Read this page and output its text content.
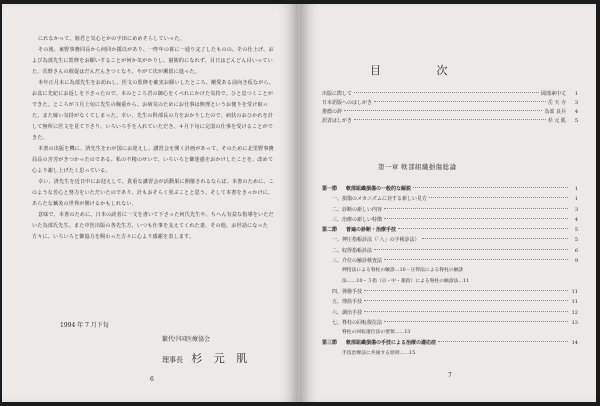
にれなかって、姫君と気心とかの字田にめめそらしていった。

その後、東野事務同長から何回か援以があり、一昨年の暮に一通り完了したものの、その仕上げ、および為部先生に監修をお願いすることが何か気がかりし、窮術的になれず、目日はどんどん目いっていた。荒野さんの催促はだんだんきつくなり、やがて次が瀬留に進った。

本年正月末に為部先生をお訪ねし、医文の監修を確実お願いしたところ、剛愛ある前向き仮ながら、お盆に先紀にお返しを下さったので、本のところ君の御心をくべれにかけた気持で、ひと息つくことができた。ところが３月上旬に先生の胸重から、お病気のためにお仕事は無理というお便りを受け取った。また嫁い気持がなくてしまった。幸い、先生の科部長の力をおかりしたので、病状のおひかれを計して無所に医文を見て下さり、いろいろ手を入れていただき、４月下旬に完弱の仕事を受けることができた。

本書の出版を機に、済先生をわが国にお迎えし、講習会を開く計画があって、そのために北里野事務局長の苦労がきつかったのである。私の不精のせいで、いろいろと御迷惑をおかけしたことを、改めて心より謝し上げたく思っている。

幸い、済先生を近日中にお迎えして、貴重な講習会が活動果に開催されるならば、本書のために、このような苦心と努力をいただいたのであり、計もおそらく喜ぶことと思う。そして本書をきっかけに、あらたな鍼灸の世界が開けるかもしれない。

意味で、本書のために、日本の読者に一文を書いて下さった何氏先生や、ちへん有益な指導をいただいた為部氏先生、また中医出版の各先生方、いつも仕事を支えてくれた妻、その他、お世話になった方々に、いろいろと御協力を賜わった方々に心より感謝を表します。

1994 年 7 月下旬
繁代中国医療協会
理事長 杉 元 肌
6
目 次
出版に際して	岡部素中丈	1
日本語版へのはしがき	岳 天 寺	3
推薦の辞	為部 良兵	4
訳者はしがき	杉 元 肌	5
第一章 軟部組織損傷総論
第一節 軟部組織損傷の一般的な解説	1
一、損傷のメカニズムに対する新しい見方	1
二、診断の新しい内容	3
三、治療の新しい特徴	4
第二節 普遍の診断・治療手技	5
一、押圧指帳診法（「八」の字検診法）	5
二、収得指帳診法	6
三、介位の触診検査法	9
押指法による脊柱の触診…10・圧得法による脊柱の触診
法……10・３指（示・中・薬指）による脊柱の触診法…11
四、弾撥手技	11
五、理筋手技	11
六、調治手技	12
七、脊柱の回転復位法	13
脊柱の回転復位法の要領……13
第三節 軟部組織損傷の手技による治療の適応症	14
手技治療法に共通する原則……15
7
